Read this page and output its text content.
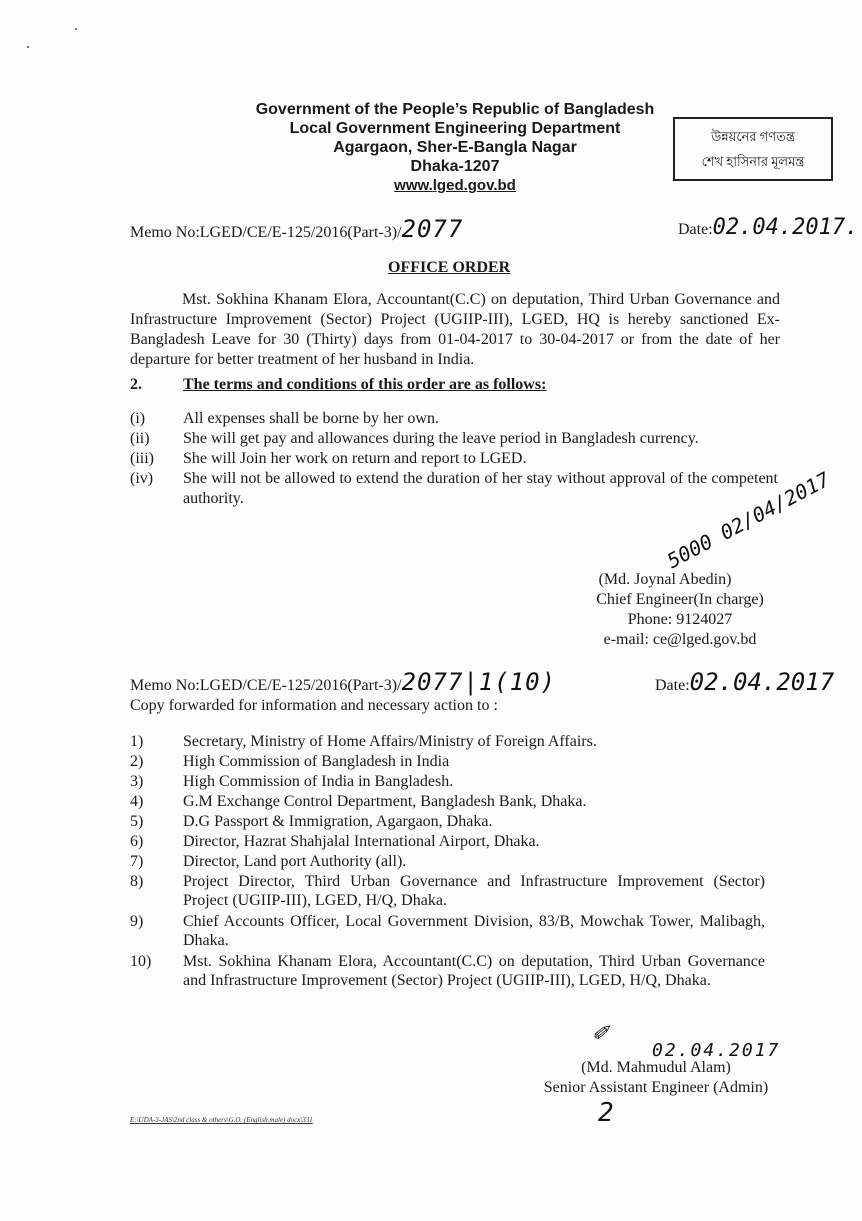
Government of the People’s Republic of Bangladesh
Local Government Engineering Department
Agargaon, Sher-E-Bangla Nagar
Dhaka-1207
www.lged.gov.bd
উন্নয়নের গণতন্ত্র
শেখ হাসিনার মূলমন্ত্র
Memo No:LGED/CE/E-125/2016(Part-3)/2077	Date:02.04.2017.
OFFICE ORDER
Mst. Sokhina Khanam Elora, Accountant(C.C) on deputation, Third Urban Governance and Infrastructure Improvement (Sector) Project (UGIIP-III), LGED, HQ is hereby sanctioned Ex-Bangladesh Leave for 30 (Thirty) days from 01-04-2017 to 30-04-2017 or from the date of her departure for better treatment of her husband in India.
2.	The terms and conditions of this order are as follows:
(i) All expenses shall be borne by her own.
(ii) She will get pay and allowances during the leave period in Bangladesh currency.
(iii) She will Join her work on return and report to LGED.
(iv) She will not be allowed to extend the duration of her stay without approval of the competent authority.	5000 02/04/2017
(Md. Joynal Abedin)
Chief Engineer(In charge)
Phone: 9124027
e-mail: ce@lged.gov.bd
Memo No:LGED/CE/E-125/2016(Part-3)/2077|1(10)	Date:02.04.2017
Copy forwarded for information and necessary action to :
1) Secretary, Ministry of Home Affairs/Ministry of Foreign Affairs.
2) High Commission of Bangladesh in India
3) High Commission of India in Bangladesh.
4) G.M Exchange Control Department, Bangladesh Bank, Dhaka.
5) D.G Passport & Immigration, Agargaon, Dhaka.
6) Director, Hazrat Shahjalal International Airport, Dhaka.
7) Director, Land port Authority (all).
8) Project Director, Third Urban Governance and Infrastructure Improvement (Sector) Project (UGIIP-III), LGED, H/Q, Dhaka.
9) Chief Accounts Officer, Local Government Division, 83/B, Mowchak Tower, Malibagh, Dhaka.
10) Mst. Sokhina Khanam Elora, Accountant(C.C) on deputation, Third Urban Governance and Infrastructure Improvement (Sector) Project (UGIIP-III), LGED, H/Q, Dhaka.
✐
02.04.2017
(Md. Mahmudul Alam)
Senior Assistant Engineer (Admin)
2
E:\UDA-3-JAS\2nd class & others\G.O. (English.male) docx\331
